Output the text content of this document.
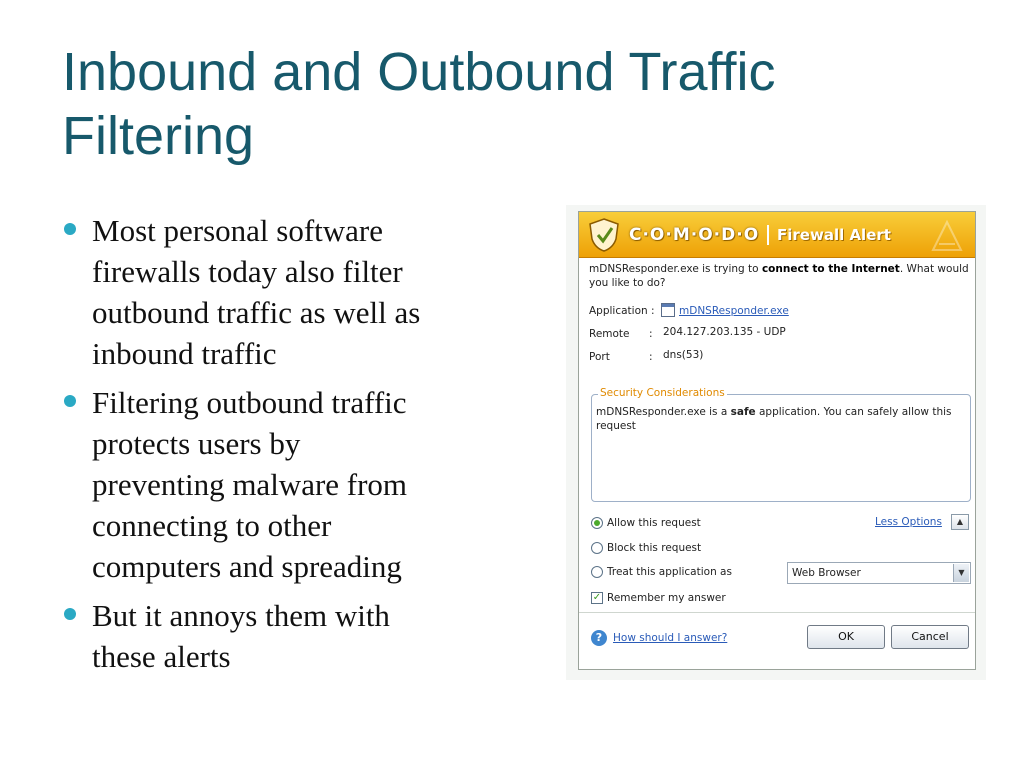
Inbound and Outbound Traffic
Filtering
Most personal software
firewalls today also filter
outbound traffic as well as
inbound traffic
Filtering outbound traffic
protects users by
preventing malware from
connecting to other
computers and spreading
But it annoys them with
these alerts
C·O·M·O·D·O Firewall Alert
mDNSResponder.exe is trying to connect to the Internet. What would you like to do?
Application : mDNSResponder.exe
Remote : 204.127.203.135 - UDP
Port	: dns(53)
Security Considerations
mDNSResponder.exe is a safe application. You can safely allow this request
Allow this request	Less Options	▲
Block this request
Treat this application as	Web Browser	▼
✓ Remember my answer
?	How should I answer?	OK	Cancel
